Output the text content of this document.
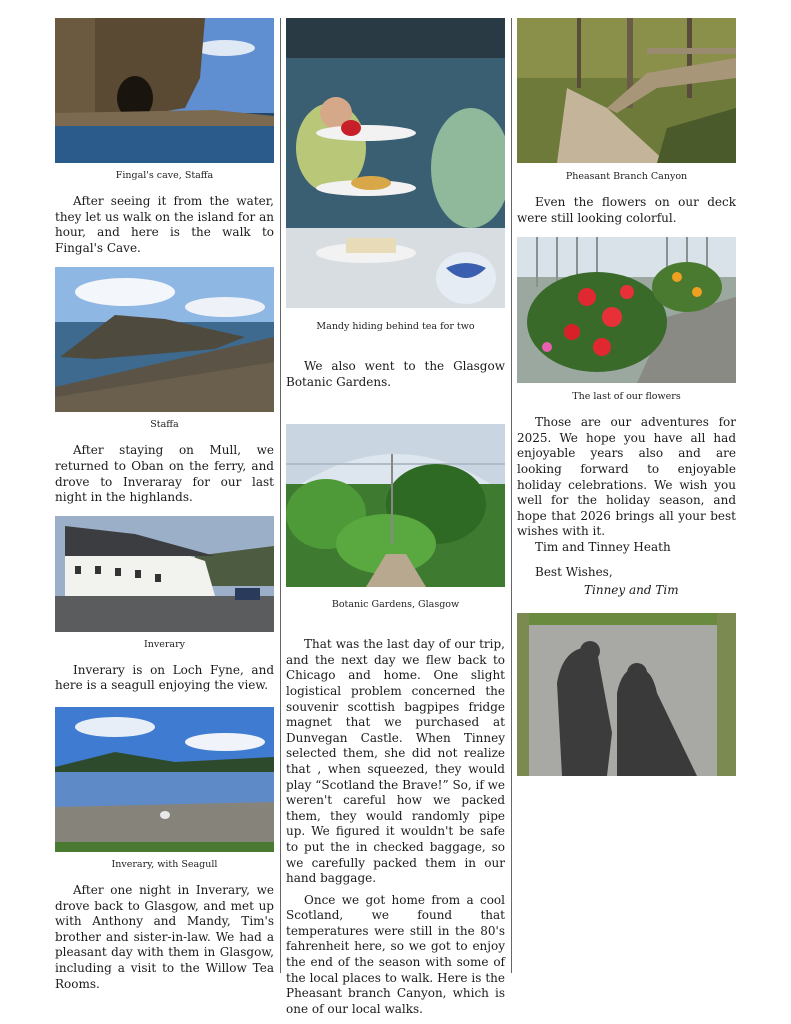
Fingal's cave, Staffa

After seeing it from the water, they let us walk on the island for an hour, and here is the walk to Fingal's Cave.

Staffa

After staying on Mull, we returned to Oban on the ferry, and drove to Inveraray for our last night in the highlands.

Inverary

Inverary is on Loch Fyne, and here is a seagull enjoying the view.

Inverary, with Seagull

After one night in Inverary, we drove back to Glasgow, and met up with Anthony and Mandy, Tim's brother and sister-in-law. We had a pleasant day with them in Glasgow, including a visit to the Willow Tea Rooms.

Mandy hiding behind tea for two

We also went to the Glasgow Botanic Gardens.

Botanic Gardens, Glasgow

That was the last day of our trip, and the next day we flew back to Chicago and home. One slight logistical problem concerned the souvenir scottish bagpipes fridge magnet that we purchased at Dunvegan Castle. When Tinney selected them, she did not realize that , when squeezed, they would play “Scotland the Brave!” So, if we weren't careful how we packed them, they would randomly pipe up. We figured it wouldn't be safe to put the in checked baggage, so we carefully packed them in our hand baggage.

Once we got home from a cool Scotland, we found that temperatures were still in the 80's fahrenheit here, so we got to enjoy the end of the season with some of the local places to walk. Here is the Pheasant branch Canyon, which is one of our local walks.

Pheasant Branch Canyon

Even the flowers on our deck were still looking colorful.

The last of our flowers

Those are our adventures for 2025. We hope you have all had enjoyable years also and are looking forward to enjoyable holiday celebrations. We wish you well for the holiday season, and hope that 2026 brings all your best wishes with it.

Tim and Tinney Heath

Best Wishes,

Tinney and Tim
